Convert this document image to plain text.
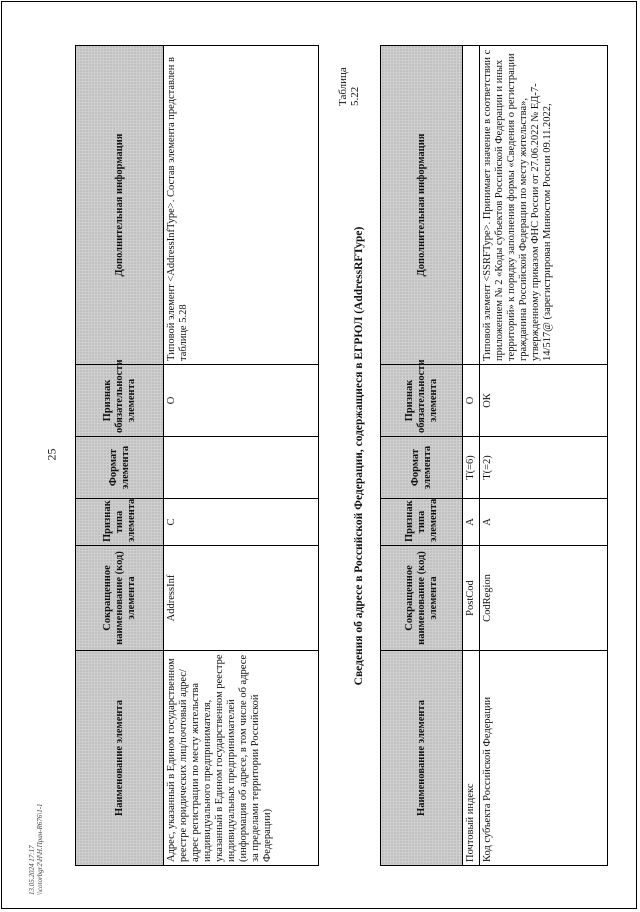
25
Наименование элемента	Сокращенное наименование (код) элемента	Признак типа элемента	Формат элемента	Признак обязательности элемента	Дополнительная информация
Адрес, указанный в Едином государственном реестре юридических лиц/почтовый адрес/адрес регистрации по месту жительства индивидуального предпринимателя, указанный в Едином государственном реестре индивидуальных предпринимателей (информация об адресе, в том числе об адресе за пределами территории Российской Федерации)	AddressInf	С		О	Типовой элемент <AddressInfType>. Состав элемента представлен в таблице 5.28
Таблица 5.22
Сведения об адресе в Российской Федерации, содержащиеся в ЕГРЮЛ (AddressRFType)
Наименование элемента	Сокращенное наименование (код) элемента	Признак типа элемента	Формат элемента	Признак обязательности элемента	Дополнительная информация
Почтовый индекс	PostCod	А	T(=6)	О	
Код субъекта Российской Федерации	CodRegion	А	T(=2)	ОК	Типовой элемент <SSRFType>. Принимает значение в соответствии с приложением № 2 «Коды субъектов Российской Федерации и иных территорий» к порядку заполнения формы «Сведения о регистрации гражданина Российской Федерации по месту жительства», утвержденному приказом ФНС России от 27.06.2022 № ЕД-7-14/517@ (зарегистрирован Минюстом России 09.11.2022,
13.05.2024 17:17 \\cotorbgr2\Н\Н.Пран-R676\1-1
